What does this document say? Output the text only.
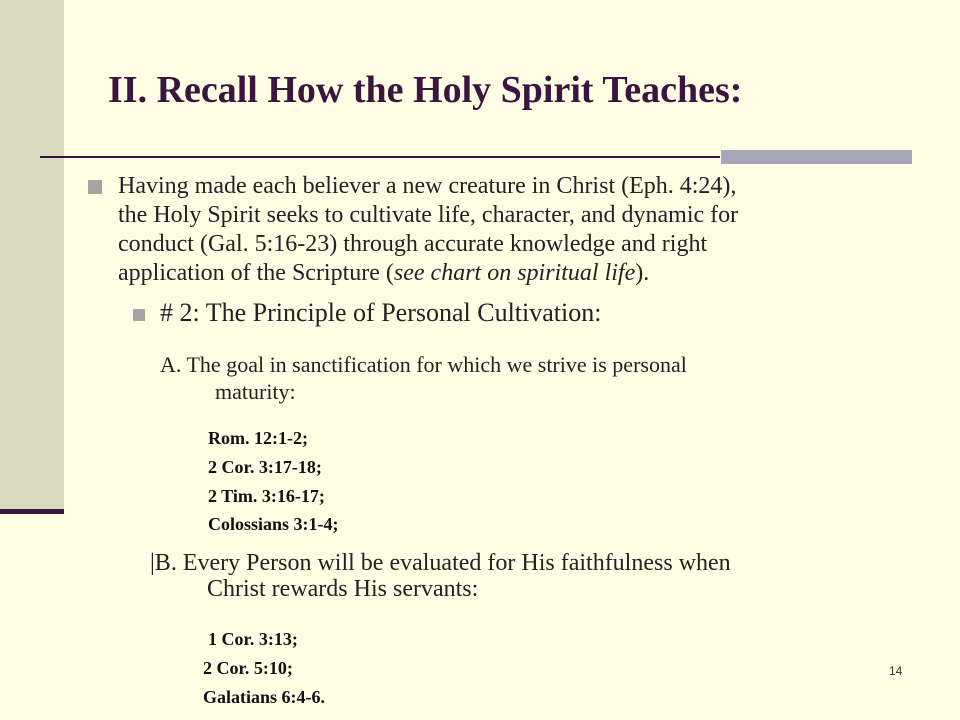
II. Recall How the Holy Spirit Teaches:
Having made each believer a new creature in Christ (Eph. 4:24),
the Holy Spirit seeks to cultivate life, character, and dynamic for
conduct (Gal. 5:16-23) through accurate knowledge and right
application of the Scripture (see chart on spiritual life).
# 2: The Principle of Personal Cultivation:
A. The goal in sanctification for which we strive is personal
maturity:
Rom. 12:1-2;
2 Cor. 3:17-18;
2 Tim. 3:16-17;
Colossians 3:1-4;
|B. Every Person will be evaluated for His faithfulness when
Christ rewards His servants:
1 Cor. 3:13;
2 Cor. 5:10;
Galatians 6:4-6.
14
